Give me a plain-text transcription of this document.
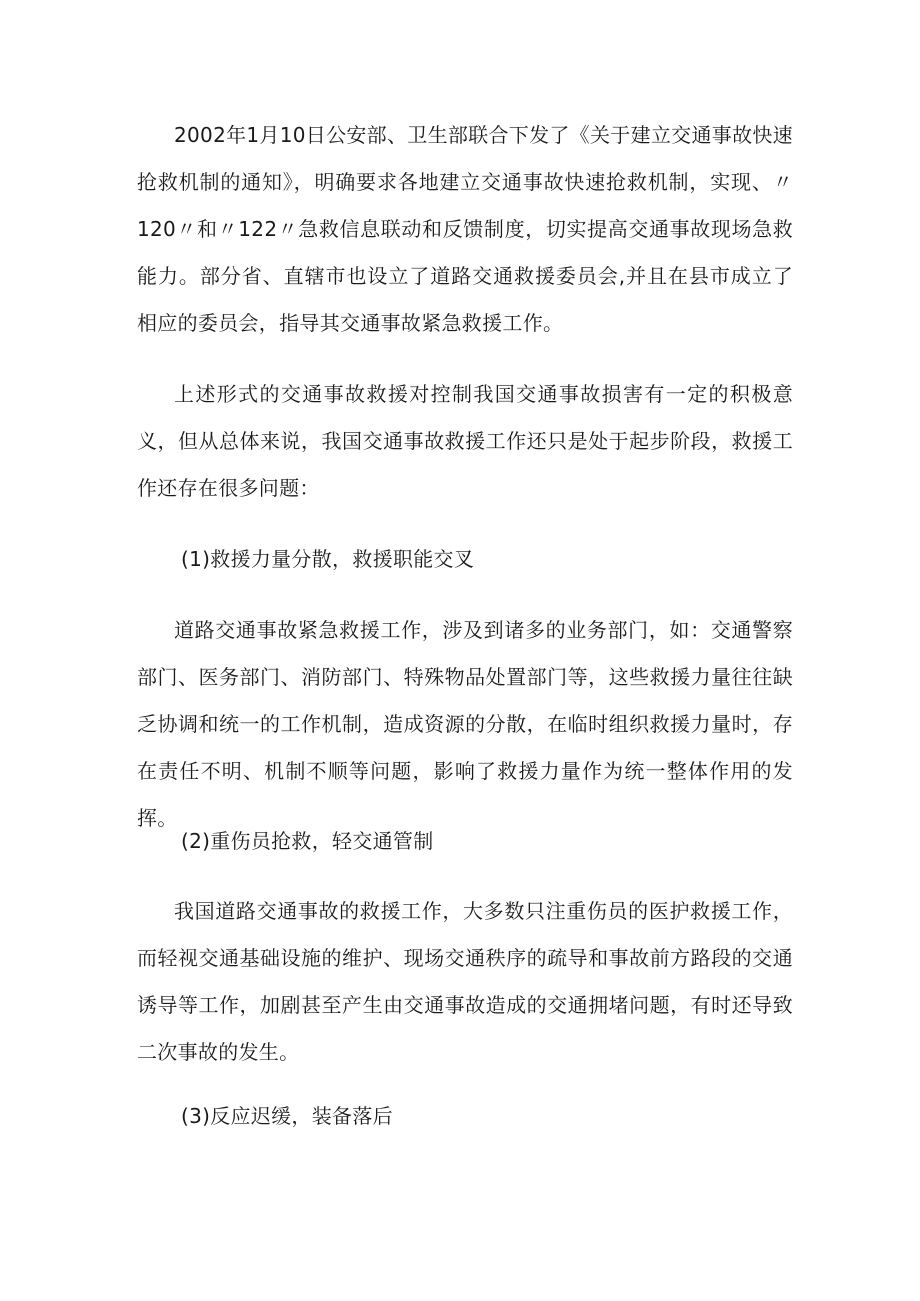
2002年1月10日公安部、卫生部联合下发了《关于建立交通事故快速抢救机制的通知》，明确要求各地建立交通事故快速抢救机制，实现、〃120〃和〃122〃急救信息联动和反馈制度，切实提高交通事故现场急救能力。部分省、直辖市也设立了道路交通救援委员会,并且在县市成立了相应的委员会，指导其交通事故紧急救援工作。

上述形式的交通事故救援对控制我国交通事故损害有一定的积极意义，但从总体来说，我国交通事故救援工作还只是处于起步阶段，救援工作还存在很多问题：

(1)救援力量分散，救援职能交叉

道路交通事故紧急救援工作，涉及到诸多的业务部门，如：交通警察部门、医务部门、消防部门、特殊物品处置部门等，这些救援力量往往缺乏协调和统一的工作机制，造成资源的分散，在临时组织救援力量时，存在责任不明、机制不顺等问题，影响了救援力量作为统一整体作用的发挥。

(2)重伤员抢救，轻交通管制

我国道路交通事故的救援工作，大多数只注重伤员的医护救援工作，而轻视交通基础设施的维护、现场交通秩序的疏导和事故前方路段的交通诱导等工作，加剧甚至产生由交通事故造成的交通拥堵问题，有时还导致二次事故的发生。

(3)反应迟缓，装备落后
